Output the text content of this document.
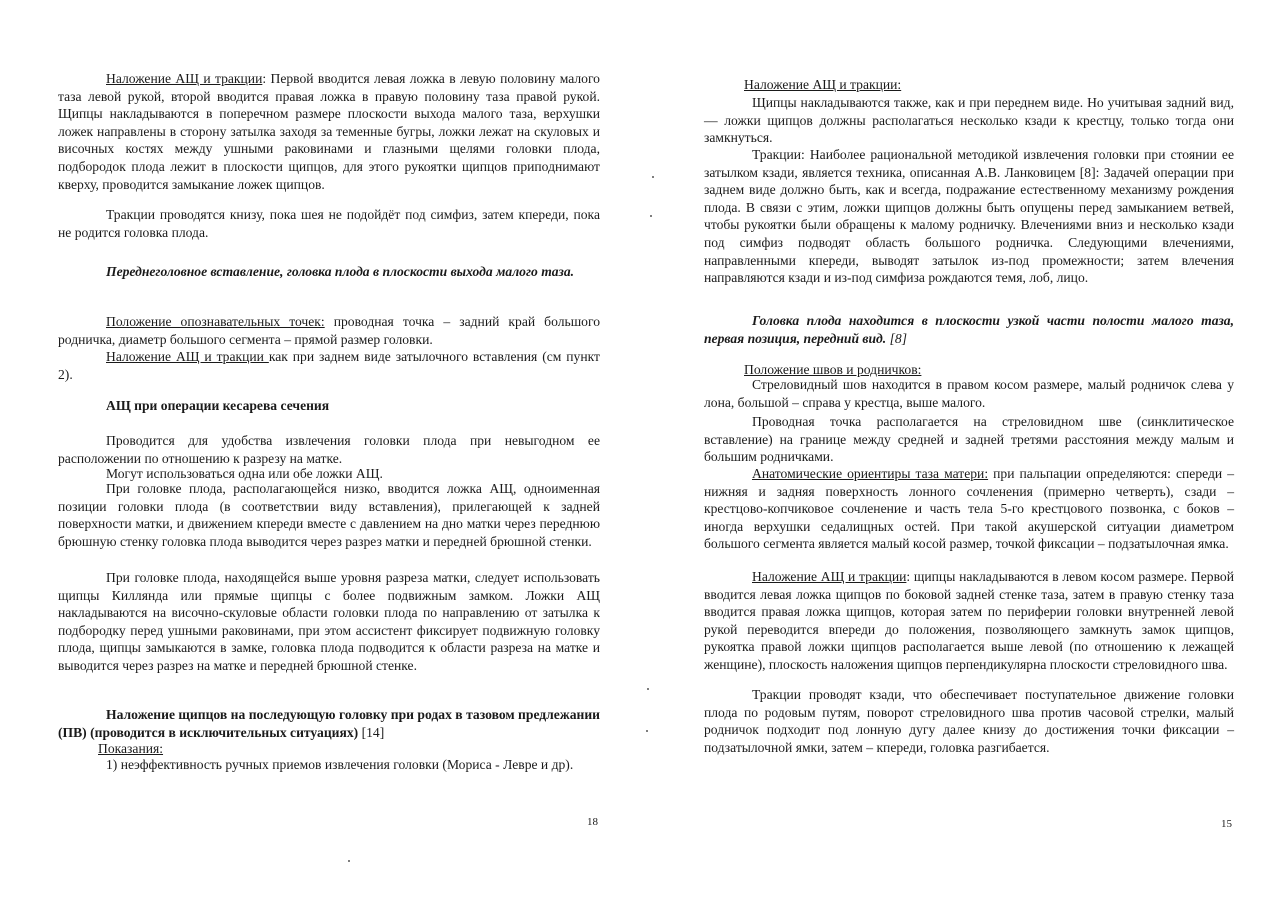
Наложение АЩ и тракции: Первой вводится левая ложка в левую половину малого таза левой рукой, второй вводится правая ложка в правую половину таза правой рукой. Щипцы накладываются в поперечном размере плоскости выхода малого таза, верхушки ложек направлены в сторону затылка заходя за теменные бугры, ложки лежат на скуловых и височных костях между ушными раковинами и глазными щелями головки плода, подбородок плода лежит в плоскости щипцов, для этого рукоятки щипцов приподнимают кверху, проводится замыкание ложек щипцов.

Тракции проводятся книзу, пока шея не подойдёт под симфиз, затем кпереди, пока не родится головка плода.

Переднеголовное вставление, головка плода в плоскости выхода малого таза.

Положение опознавательных точек: проводная точка – задний край большого родничка, диаметр большого сегмента – прямой размер головки.

Наложение АЩ и тракции как при заднем виде затылочного вставления (см пункт 2).

АЩ при операции кесарева сечения

Проводится для удобства извлечения головки плода при невыгодном ее расположении по отношению к разрезу на матке.

Могут использоваться одна или обе ложки АЩ.

При головке плода, располагающейся низко, вводится ложка АЩ, одноименная позиции головки плода (в соответствии виду вставления), прилегающей к задней поверхности матки, и движением кпереди вместе с давлением на дно матки через переднюю брюшную стенку головка плода выводится через разрез матки и передней брюшной стенки.

При головке плода, находящейся выше уровня разреза матки, следует использовать щипцы Киллянда или прямые щипцы с более подвижным замком. Ложки АЩ накладываются на височно-скуловые области головки плода по направлению от затылка к подбородку перед ушными раковинами, при этом ассистент фиксирует подвижную головку плода, щипцы замыкаются в замке, головка плода подводится к области разреза на матке и выводится через разрез на матке и передней брюшной стенке.

Наложение щипцов на последующую головку при родах в тазовом предлежании (ПВ) (проводится в исключительных ситуациях) [14]

Показания:

1) неэффективность ручных приемов извлечения головки (Мориса - Левре и др).

18

Наложение АЩ и тракции:

Щипцы накладываются также, как и при переднем виде. Но учитывая задний вид, — ложки щипцов должны располагаться несколько кзади к крестцу, только тогда они замкнуться.

Тракции: Наиболее рациональной методикой извлечения головки при стоянии ее затылком кзади, является техника, описанная А.В. Ланковицем [8]: Задачей операции при заднем виде должно быть, как и всегда, подражание естественному механизму рождения плода. В связи с этим, ложки щипцов должны быть опущены перед замыканием ветвей, чтобы рукоятки были обращены к малому родничку. Влечениями вниз и несколько кзади под симфиз подводят область большого родничка. Следующими влечениями, направленными кпереди, выводят затылок из-под промежности; затем влечения направляются кзади и из-под симфиза рождаются темя, лоб, лицо.

Головка плода находится в плоскости узкой части полости малого таза, первая позиция, передний вид. [8]

Положение швов и родничков:

Стреловидный шов находится в правом косом размере, малый родничок слева у лона, большой – справа у крестца, выше малого.

Проводная точка располагается на стреловидном шве (синклитическое вставление) на границе между средней и задней третями расстояния между малым и большим родничками.

Анатомические ориентиры таза матери: при пальпации определяются: спереди – нижняя и задняя поверхность лонного сочленения (примерно четверть), сзади – крестцово-копчиковое сочленение и часть тела 5-го крестцового позвонка, с боков – иногда верхушки седалищных остей. При такой акушерской ситуации диаметром большого сегмента является малый косой размер, точкой фиксации – подзатылочная ямка.

Наложение АЩ и тракции: щипцы накладываются в левом косом размере. Первой вводится левая ложка щипцов по боковой задней стенке таза, затем в правую стенку таза вводится правая ложка щипцов, которая затем по периферии головки внутренней левой рукой переводится впереди до положения, позволяющего замкнуть замок щипцов, рукоятка правой ложки щипцов располагается выше левой (по отношению к лежащей женщине), плоскость наложения щипцов перпендикулярна плоскости стреловидного шва.

Тракции проводят кзади, что обеспечивает поступательное движение головки плода по родовым путям, поворот стреловидного шва против часовой стрелки, малый родничок подходит под лонную дугу далее книзу до достижения точки фиксации – подзатылочной ямки, затем – кпереди, головка разгибается.

15
